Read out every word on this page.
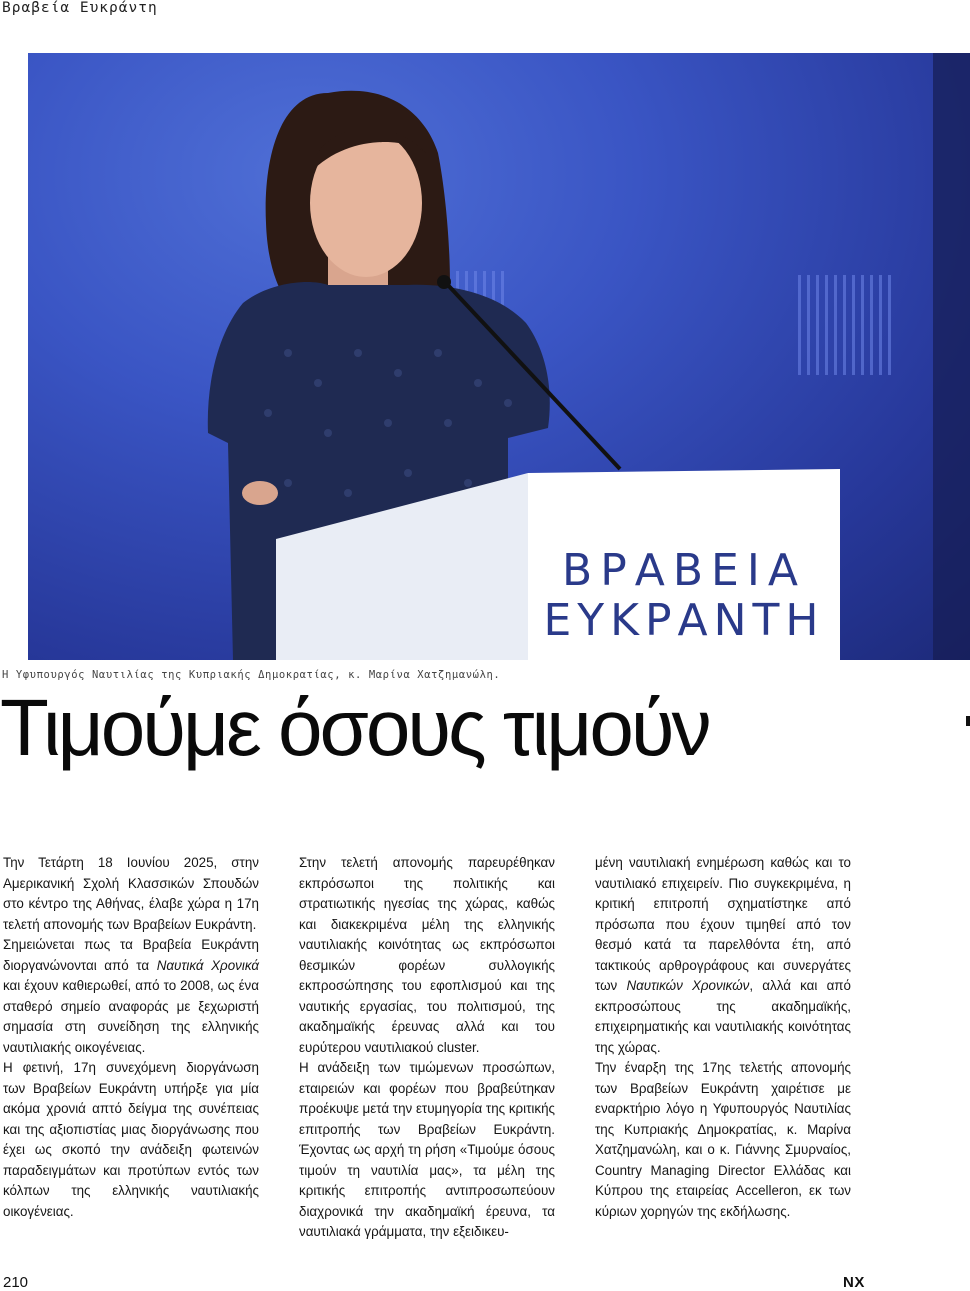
Βραβεία Ευκράντη
ΒΡΑΒΕΙΑ
ΕΥΚΡΑΝΤΗ
Η Υφυπουργός Ναυτιλίας της Κυπριακής Δημοκρατίας, κ. Μαρίνα Χατζημανώλη.
Τιμούμε όσους τιμούν

Την Τετάρτη 18 Ιουνίου 2025, στην Αμερικανική Σχολή Κλασσικών Σπουδών στο κέντρο της Αθήνας, έλαβε χώρα η 17η τελετή απονομής των Βραβείων Ευκράντη.

Σημειώνεται πως τα Βραβεία Ευκράντη διοργανώνονται από τα Ναυτικά Χρονικά και έχουν καθιερωθεί, από το 2008, ως ένα σταθερό σημείο αναφοράς με ξεχωριστή σημασία στη συνείδηση της ελληνικής ναυτιλιακής οικογένειας.

Η φετινή, 17η συνεχόμενη διοργάνωση των Βραβείων Ευκράντη υπήρξε για μία ακόμα χρονιά απτό δείγμα της συνέπειας και της αξιοπιστίας μιας διοργάνωσης που έχει ως σκοπό την ανάδειξη φωτεινών παραδειγμάτων και προτύπων εντός των κόλπων της ελληνικής ναυτιλιακής οικογένειας.

Στην τελετή απονομής παρευρέθηκαν εκπρόσωποι της πολιτικής και στρατιωτικής ηγεσίας της χώρας, καθώς και διακεκριμένα μέλη της ελληνικής ναυτιλιακής κοινότητας ως εκπρόσωποι θεσμικών φορέων συλλογικής εκπροσώπησης του εφοπλισμού και της ναυτικής εργασίας, του πολιτισμού, της ακαδημαϊκής έρευνας αλλά και του ευρύτερου ναυτιλιακού cluster.

Η ανάδειξη των τιμώμενων προσώπων, εταιρειών και φορέων που βραβεύτηκαν προέκυψε μετά την ετυμηγορία της κριτικής επιτροπής των Βραβείων Ευκράντη. Έχοντας ως αρχή τη ρήση «Τιμούμε όσους τιμούν τη ναυτιλία μας», τα μέλη της κριτικής επιτροπής αντιπροσωπεύουν διαχρονικά την ακαδημαϊκή έρευνα, τα ναυτιλιακά γράμματα, την εξειδικευ-

μένη ναυτιλιακή ενημέρωση καθώς και το ναυτιλιακό επιχειρείν. Πιο συγκεκριμένα, η κριτική επιτροπή σχηματίστηκε από πρόσωπα που έχουν τιμηθεί από τον θεσμό κατά τα παρελθόντα έτη, από τακτικούς αρθρογράφους και συνεργάτες των Ναυτικών Χρονικών, αλλά και από εκπροσώπους της ακαδημαϊκής, επιχειρηματικής και ναυτιλιακής κοινότητας της χώρας.

Την έναρξη της 17ης τελετής απονομής των Βραβείων Ευκράντη χαιρέτισε με εναρκτήριο λόγο η Υφυπουργός Ναυτιλίας της Κυπριακής Δημοκρατίας, κ. Μαρίνα Χατζημανώλη, και ο κ. Γιάννης Σμυρναίος, Country Managing Director Ελλάδας και Κύπρου της εταιρείας Accelleron, εκ των κύριων χορηγών της εκδήλωσης.

210	NX
